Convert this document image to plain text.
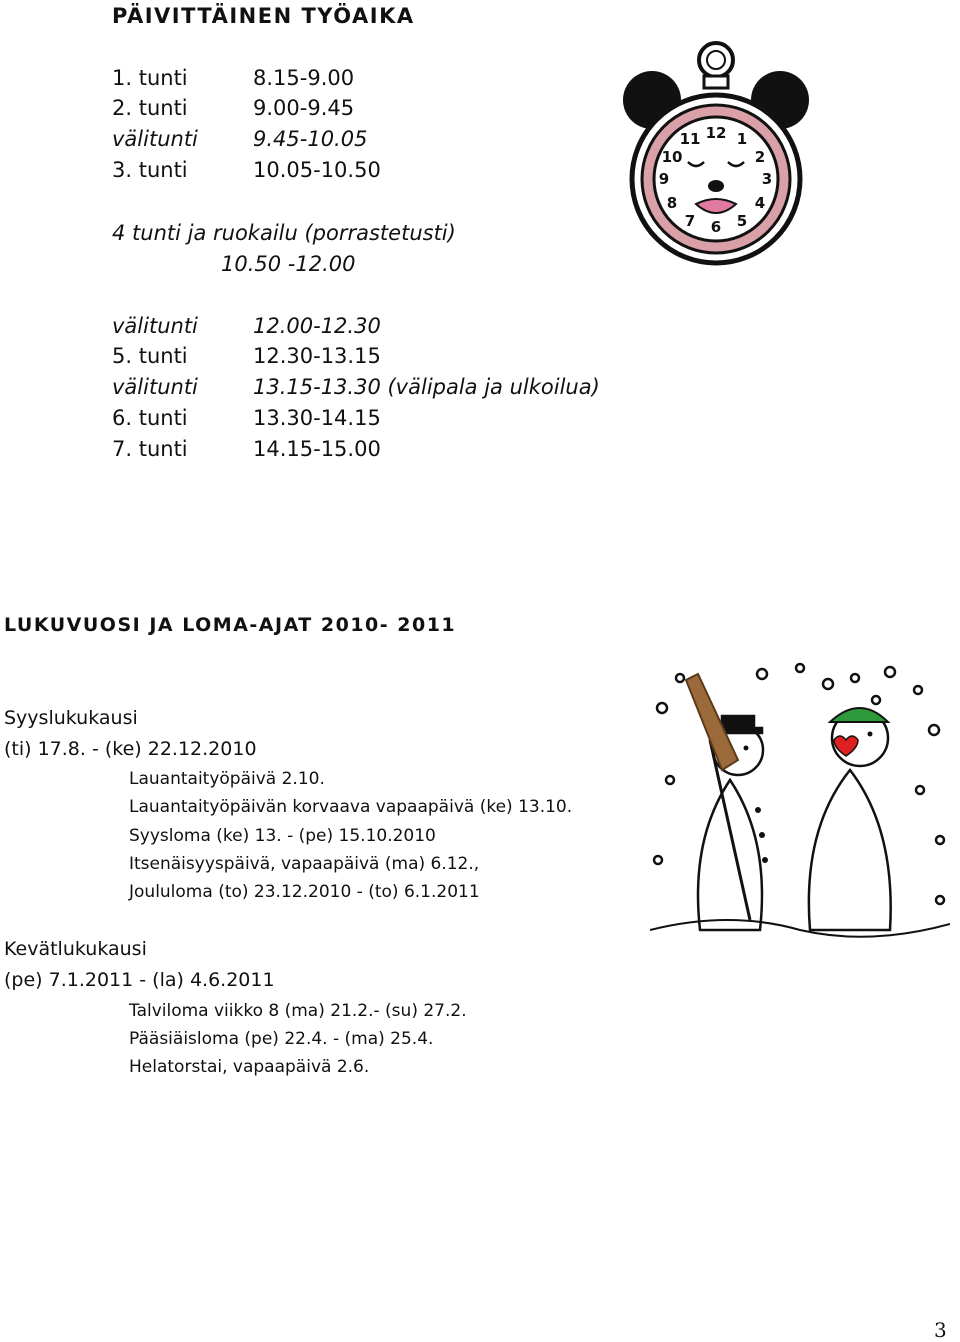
PÄIVITTÄINEN TYÖAIKA
1. tunti	8.15-9.00
2. tunti	9.00-9.45
välitunti	9.45-10.05
3. tunti	10.05-10.50
4 tunti ja ruokailu (porrastetusti)
10.50 -12.00
välitunti	12.00-12.30
5. tunti	12.30-13.15
välitunti	13.15-13.30 (välipala ja ulkoilua)
6. tunti	13.30-14.15
7. tunti	14.15-15.00
12 1
2
3
4
5
6
7
8
9
10
11
LUKUVUOSI JA LOMA-AJAT 2010- 2011
Syyslukukausi
(ti) 17.8. - (ke) 22.12.2010
Lauantaityöpäivä 2.10.
Lauantaityöpäivän korvaava vapaapäivä (ke) 13.10.
Syysloma (ke) 13. - (pe) 15.10.2010
Itsenäisyyspäivä, vapaapäivä (ma) 6.12.,
Joululoma (to) 23.12.2010 - (to) 6.1.2011
Kevätlukukausi
(pe) 7.1.2011 - (la) 4.6.2011
Talviloma viikko 8 (ma) 21.2.- (su) 27.2.
Pääsiäisloma (pe) 22.4. - (ma) 25.4.
Helatorstai, vapaapäivä 2.6.
3
